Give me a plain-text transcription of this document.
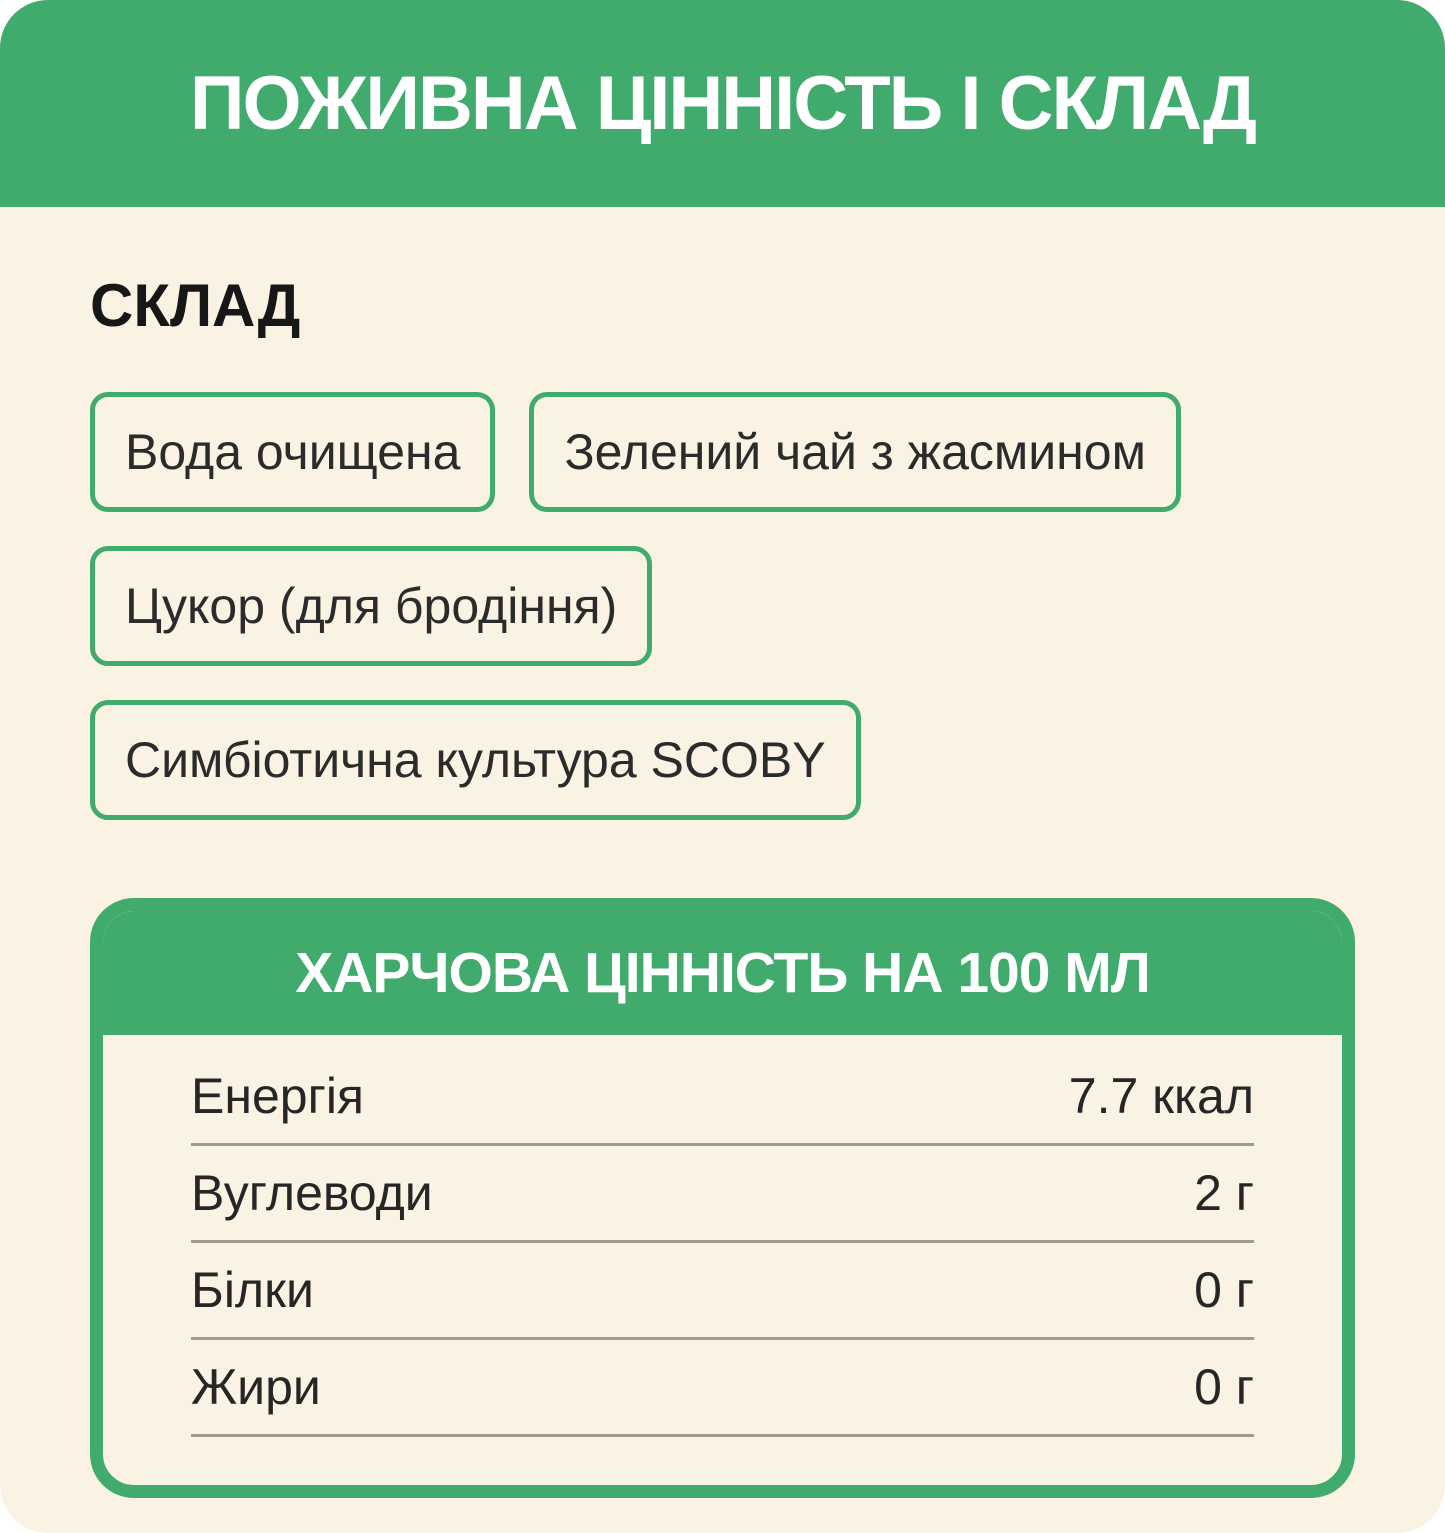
ПОЖИВНА ЦІННІСТЬ І СКЛАД
СКЛАД
Вода очищена	Зелений чай з жасмином
Цукор (для бродіння)
Симбіотична культура SCOBY
ХАРЧОВА ЦІННІСТЬ НА 100 МЛ
Енергія	7.7 ккал
Вуглеводи	2 г
Білки	0 г
Жири	0 г
